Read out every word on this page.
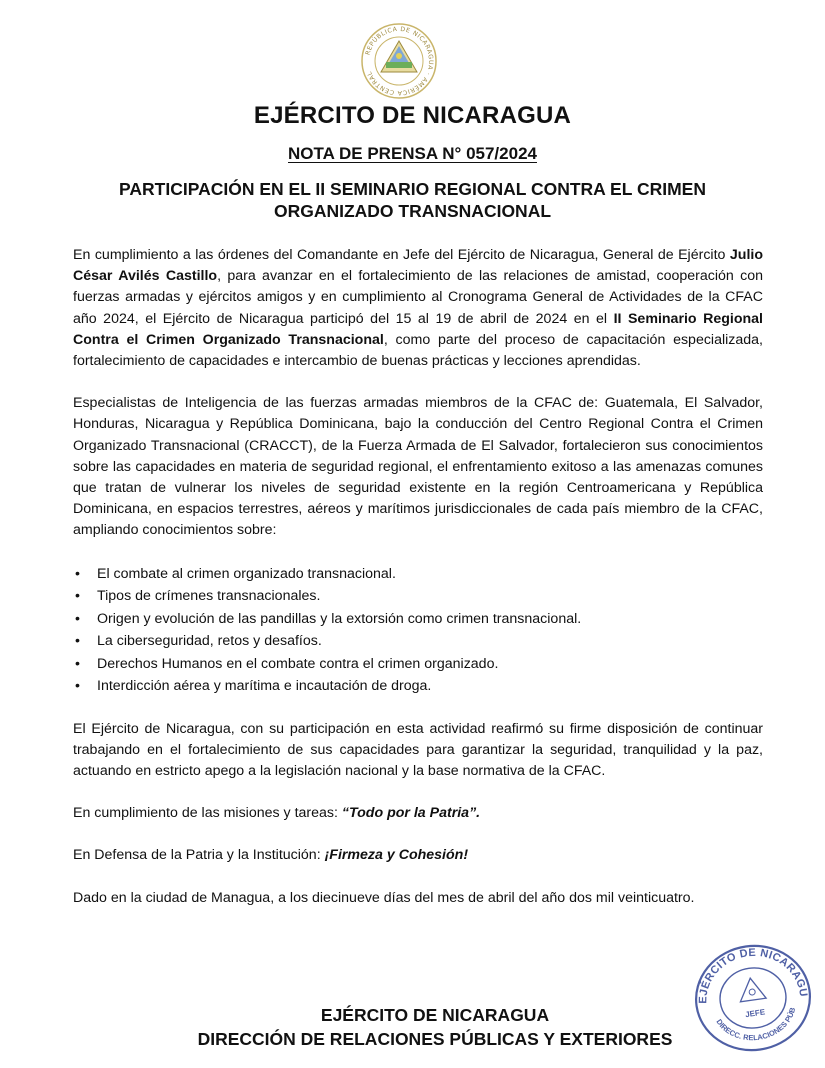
REPÚBLICA DE NICARAGUA · AMÉRICA CENTRAL
EJÉRCITO DE NICARAGUA
NOTA DE PRENSA N° 057/2024
PARTICIPACIÓN EN EL II SEMINARIO REGIONAL CONTRA EL CRIMEN ORGANIZADO TRANSNACIONAL

En cumplimiento a las órdenes del Comandante en Jefe del Ejército de Nicaragua, General de Ejército Julio César Avilés Castillo, para avanzar en el fortalecimiento de las relaciones de amistad, cooperación con fuerzas armadas y ejércitos amigos y en cumplimiento al Cronograma General de Actividades de la CFAC año 2024, el Ejército de Nicaragua participó del 15 al 19 de abril de 2024 en el II Seminario Regional Contra el Crimen Organizado Transnacional, como parte del proceso de capacitación especializada, fortalecimiento de capacidades e intercambio de buenas prácticas y lecciones aprendidas.

Especialistas de Inteligencia de las fuerzas armadas miembros de la CFAC de: Guatemala, El Salvador, Honduras, Nicaragua y República Dominicana, bajo la conducción del Centro Regional Contra el Crimen Organizado Transnacional (CRACCT), de la Fuerza Armada de El Salvador, fortalecieron sus conocimientos sobre las capacidades en materia de seguridad regional, el enfrentamiento exitoso a las amenazas comunes que tratan de vulnerar los niveles de seguridad existente en la región Centroamericana y República Dominicana, en espacios terrestres, aéreos y marítimos jurisdiccionales de cada país miembro de la CFAC, ampliando conocimientos sobre:

• El combate al crimen organizado transnacional.
• Tipos de crímenes transnacionales.
• Origen y evolución de las pandillas y la extorsión como crimen transnacional.
• La ciberseguridad, retos y desafíos.
• Derechos Humanos en el combate contra el crimen organizado.
• Interdicción aérea y marítima e incautación de droga.

El Ejército de Nicaragua, con su participación en esta actividad reafirmó su firme disposición de continuar trabajando en el fortalecimiento de sus capacidades para garantizar la seguridad, tranquilidad y la paz, actuando en estricto apego a la legislación nacional y la base normativa de la CFAC.

En cumplimiento de las misiones y tareas: “Todo por la Patria”.

En Defensa de la Patria y la Institución: ¡Firmeza y Cohesión!

Dado en la ciudad de Managua, a los diecinueve días del mes de abril del año dos mil veinticuatro.

EJÉRCITO DE NICARAGUA
DIRECCIÓN DE RELACIONES PÚBLICAS Y EXTERIORES
EJÉRCITO DE NICARAGUA
DIRECC. RELACIONES PÚBLICAS
JEFE
